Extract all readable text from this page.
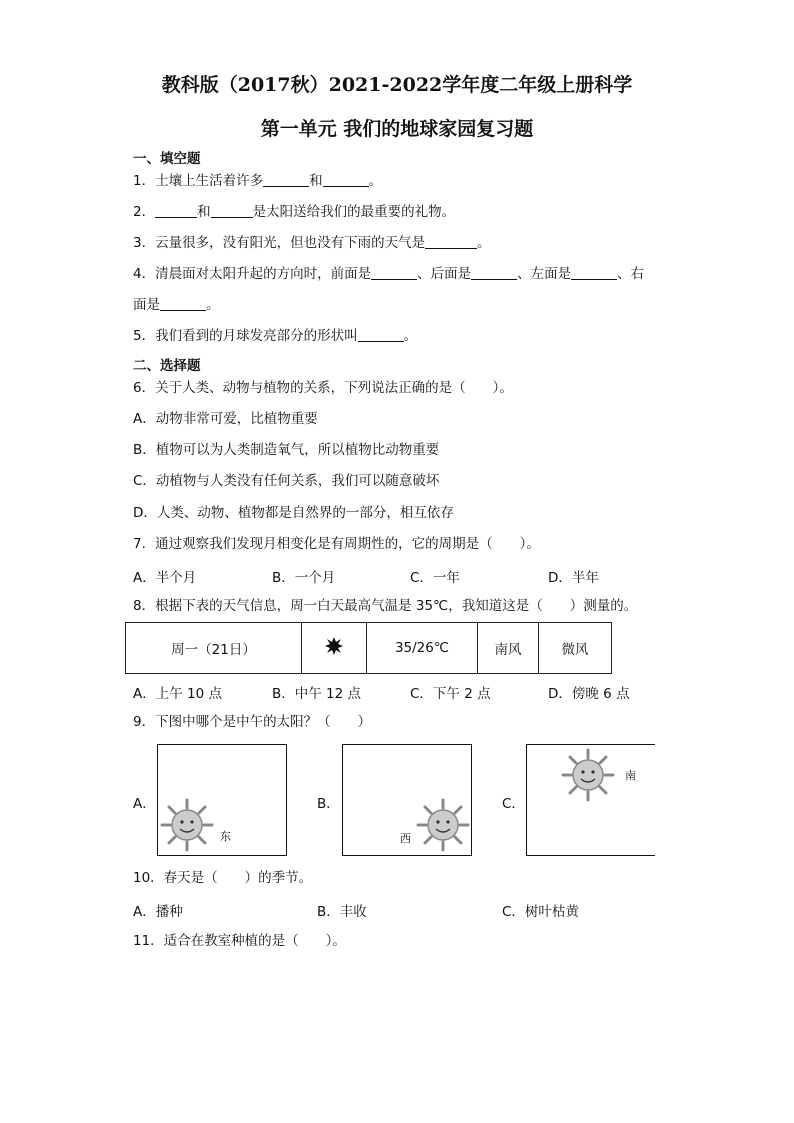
教科版（2017秋）2021-2022学年度二年级上册科学
第一单元 我们的地球家园复习题
一、填空题
1．土壤上生活着许多	和	。
2．	和	是太阳送给我们的最重要的礼物。
3．云量很多，没有阳光，但也没有下雨的天气是	。
4．清晨面对太阳升起的方向时，前面是	、后面是	、左面是	、右
面是	。
5．我们看到的月球发亮部分的形状叫	。
二、选择题
6．关于人类、动物与植物的关系，下列说法正确的是（　　）。
A．动物非常可爱，比植物重要
B．植物可以为人类制造氧气，所以植物比动物重要
C．动植物与人类没有任何关系，我们可以随意破坏
D．人类、动物、植物都是自然界的一部分，相互依存
7．通过观察我们发现月相变化是有周期性的，它的周期是（　　）。
A．半个月	B．一个月	C．一年	D．半年
8．根据下表的天气信息，周一白天最高气温是 35℃，我知道这是（　　）测量的。
周一（21日）		35/26℃	南风	微风
A．上午 10 点	B．中午 12 点	C．下午 2 点	D．傍晚 6 点
9．下图中哪个是中午的太阳？（　　）
A．
东
B．
西
C．
南
10．春天是（　　）的季节。
A．播种	B．丰收	C．树叶枯黄
11．适合在教室种植的是（　　）。
